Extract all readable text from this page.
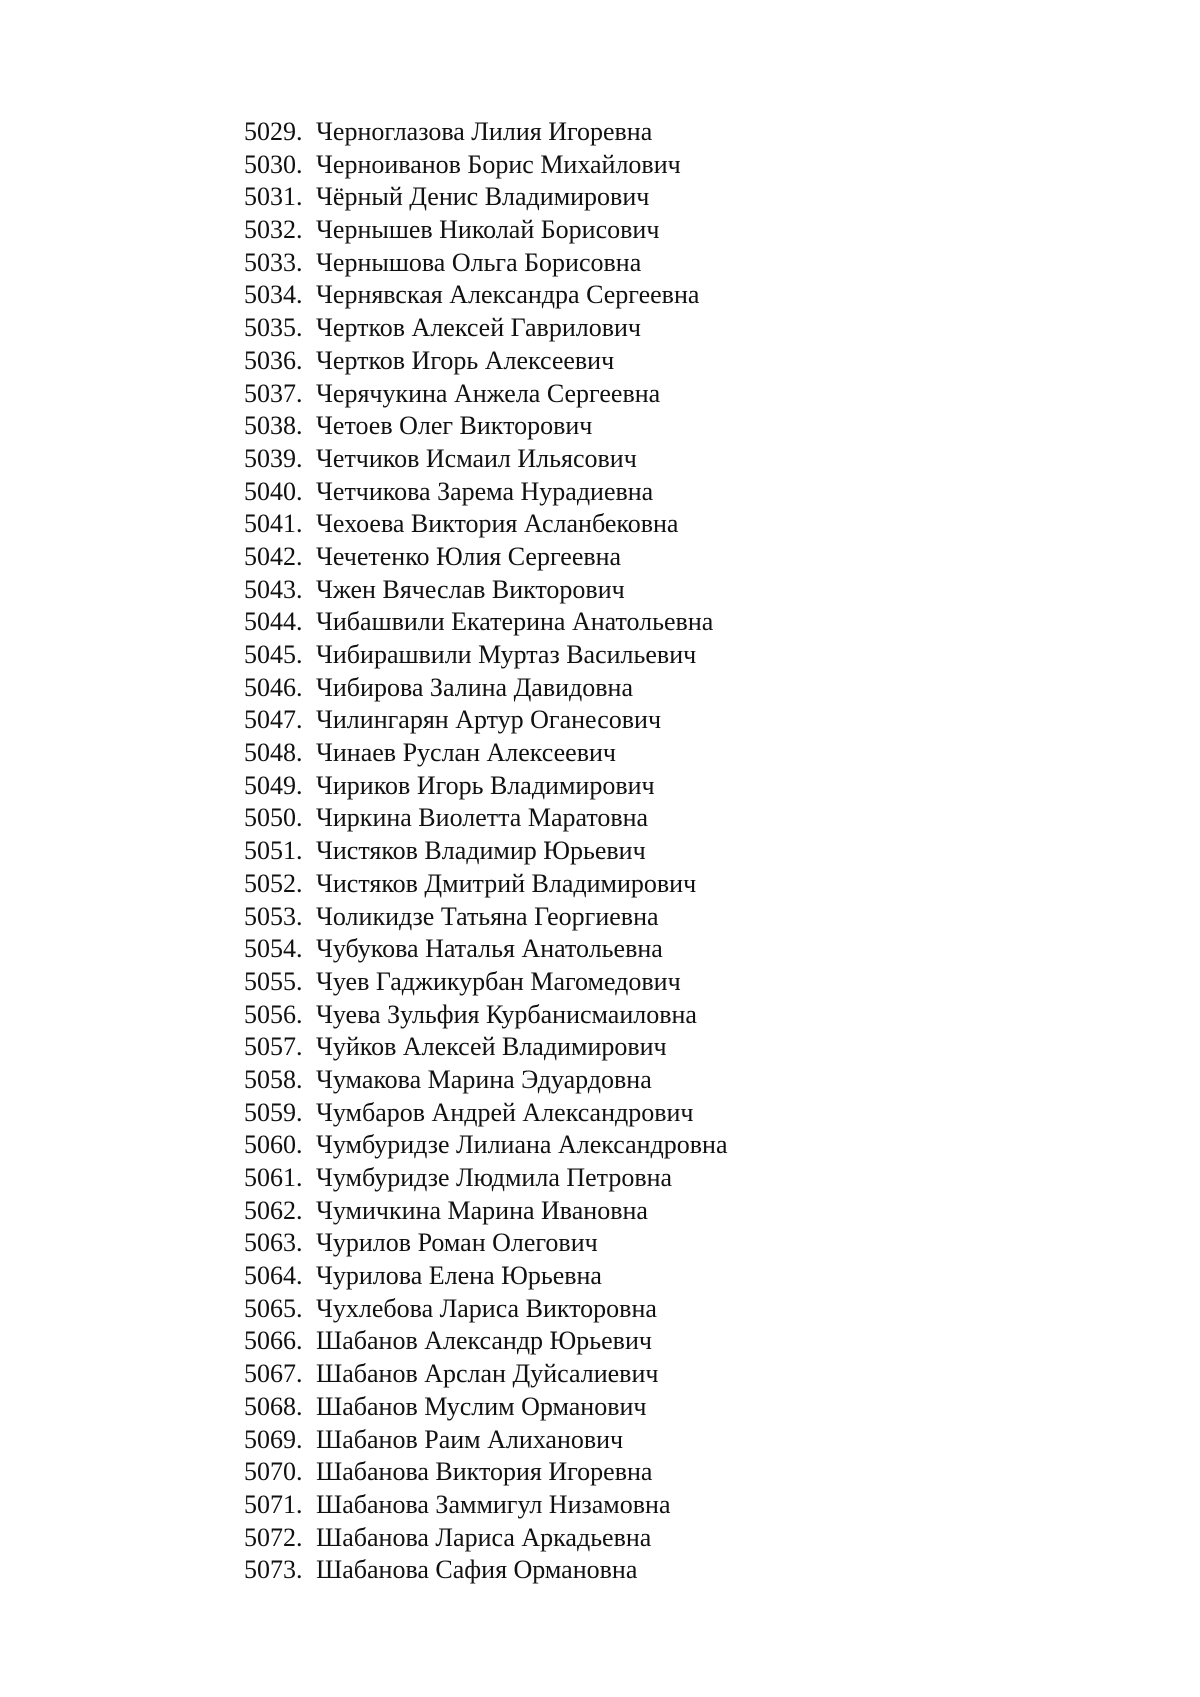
5029. Черноглазова Лилия Игоревна
5030. Черноиванов Борис Михайлович
5031. Чёрный Денис Владимирович
5032. Чернышев Николай Борисович
5033. Чернышова Ольга Борисовна
5034. Чернявская Александра Сергеевна
5035. Чертков Алексей Гаврилович
5036. Чертков Игорь Алексеевич
5037. Черячукина Анжела Сергеевна
5038. Четоев Олег Викторович
5039. Четчиков Исмаил Ильясович
5040. Четчикова Зарема Нурадиевна
5041. Чехоева Виктория Асланбековна
5042. Чечетенко Юлия Сергеевна
5043. Чжен Вячеслав Викторович
5044. Чибашвили Екатерина Анатольевна
5045. Чибирашвили Муртаз Васильевич
5046. Чибирова Залина Давидовна
5047. Чилингарян Артур Оганесович
5048. Чинаев Руслан Алексеевич
5049. Чириков Игорь Владимирович
5050. Чиркина Виолетта Маратовна
5051. Чистяков Владимир Юрьевич
5052. Чистяков Дмитрий Владимирович
5053. Чоликидзе Татьяна Георгиевна
5054. Чубукова Наталья Анатольевна
5055. Чуев Гаджикурбан Магомедович
5056. Чуева Зульфия Курбанисмаиловна
5057. Чуйков Алексей Владимирович
5058. Чумакова Марина Эдуардовна
5059. Чумбаров Андрей Александрович
5060. Чумбуридзе Лилиана Александровна
5061. Чумбуридзе Людмила Петровна
5062. Чумичкина Марина Ивановна
5063. Чурилов Роман Олегович
5064. Чурилова Елена Юрьевна
5065. Чухлебова Лариса Викторовна
5066. Шабанов Александр Юрьевич
5067. Шабанов Арслан Дуйсалиевич
5068. Шабанов Муслим Орманович
5069. Шабанов Раим Алиханович
5070. Шабанова Виктория Игоревна
5071. Шабанова Заммигул Низамовна
5072. Шабанова Лариса Аркадьевна
5073. Шабанова Сафия Ормановна
